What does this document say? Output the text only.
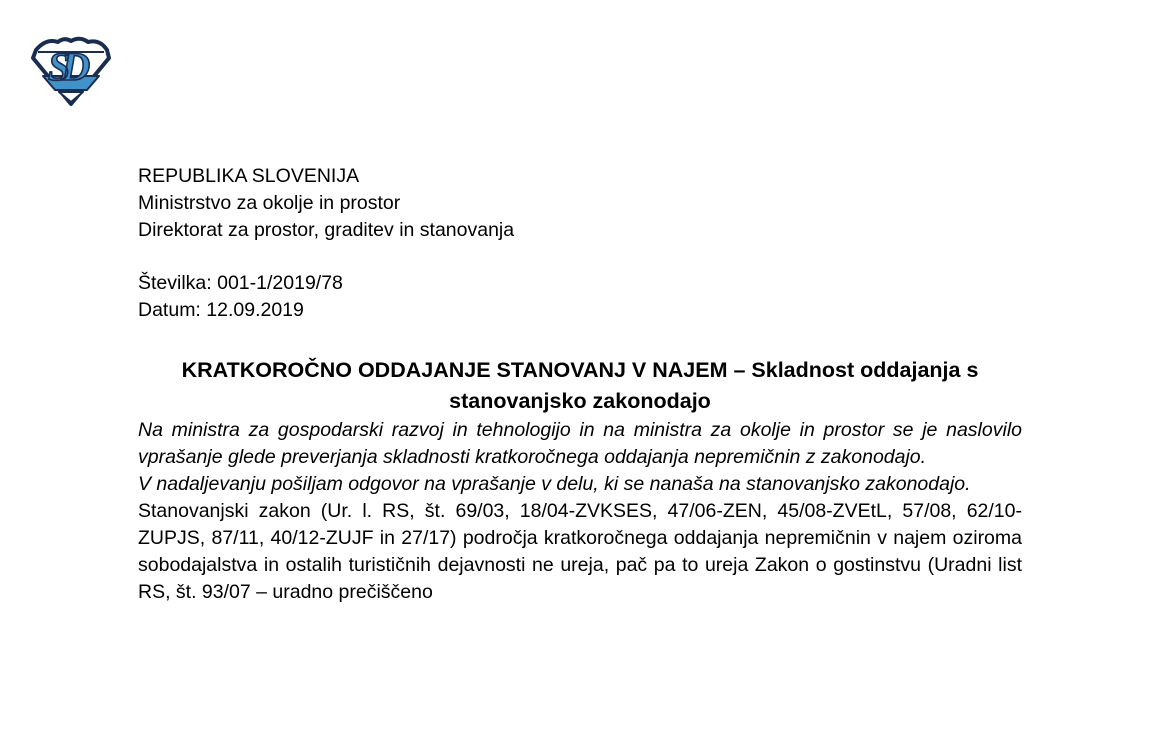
SD
REPUBLIKA SLOVENIJA
Ministrstvo za okolje in prostor
Direktorat za prostor, graditev in stanovanja
Številka: 001-1/2019/78
Datum: 12.09.2019
KRATKOROČNO ODDAJANJE STANOVANJ V NAJEM – Skladnost oddajanja s stanovanjsko zakonodajo

Na ministra za gospodarski razvoj in tehnologijo in na ministra za okolje in prostor se je naslovilo vprašanje glede preverjanja skladnosti kratkoročnega oddajanja nepremičnin z zakonodajo.

V nadaljevanju pošiljam odgovor na vprašanje v delu, ki se nanaša na stanovanjsko zakonodajo.

Stanovanjski zakon (Ur. l. RS, št. 69/03, 18/04-ZVKSES, 47/06-ZEN, 45/08-ZVEtL, 57/08, 62/10-ZUPJS, 87/11, 40/12-ZUJF in 27/17) področja kratkoročnega oddajanja nepremičnin v najem oziroma sobodajalstva in ostalih turističnih dejavnosti ne ureja, pač pa to ureja Zakon o gostinstvu (Uradni list RS, št. 93/07 – uradno prečiščeno
